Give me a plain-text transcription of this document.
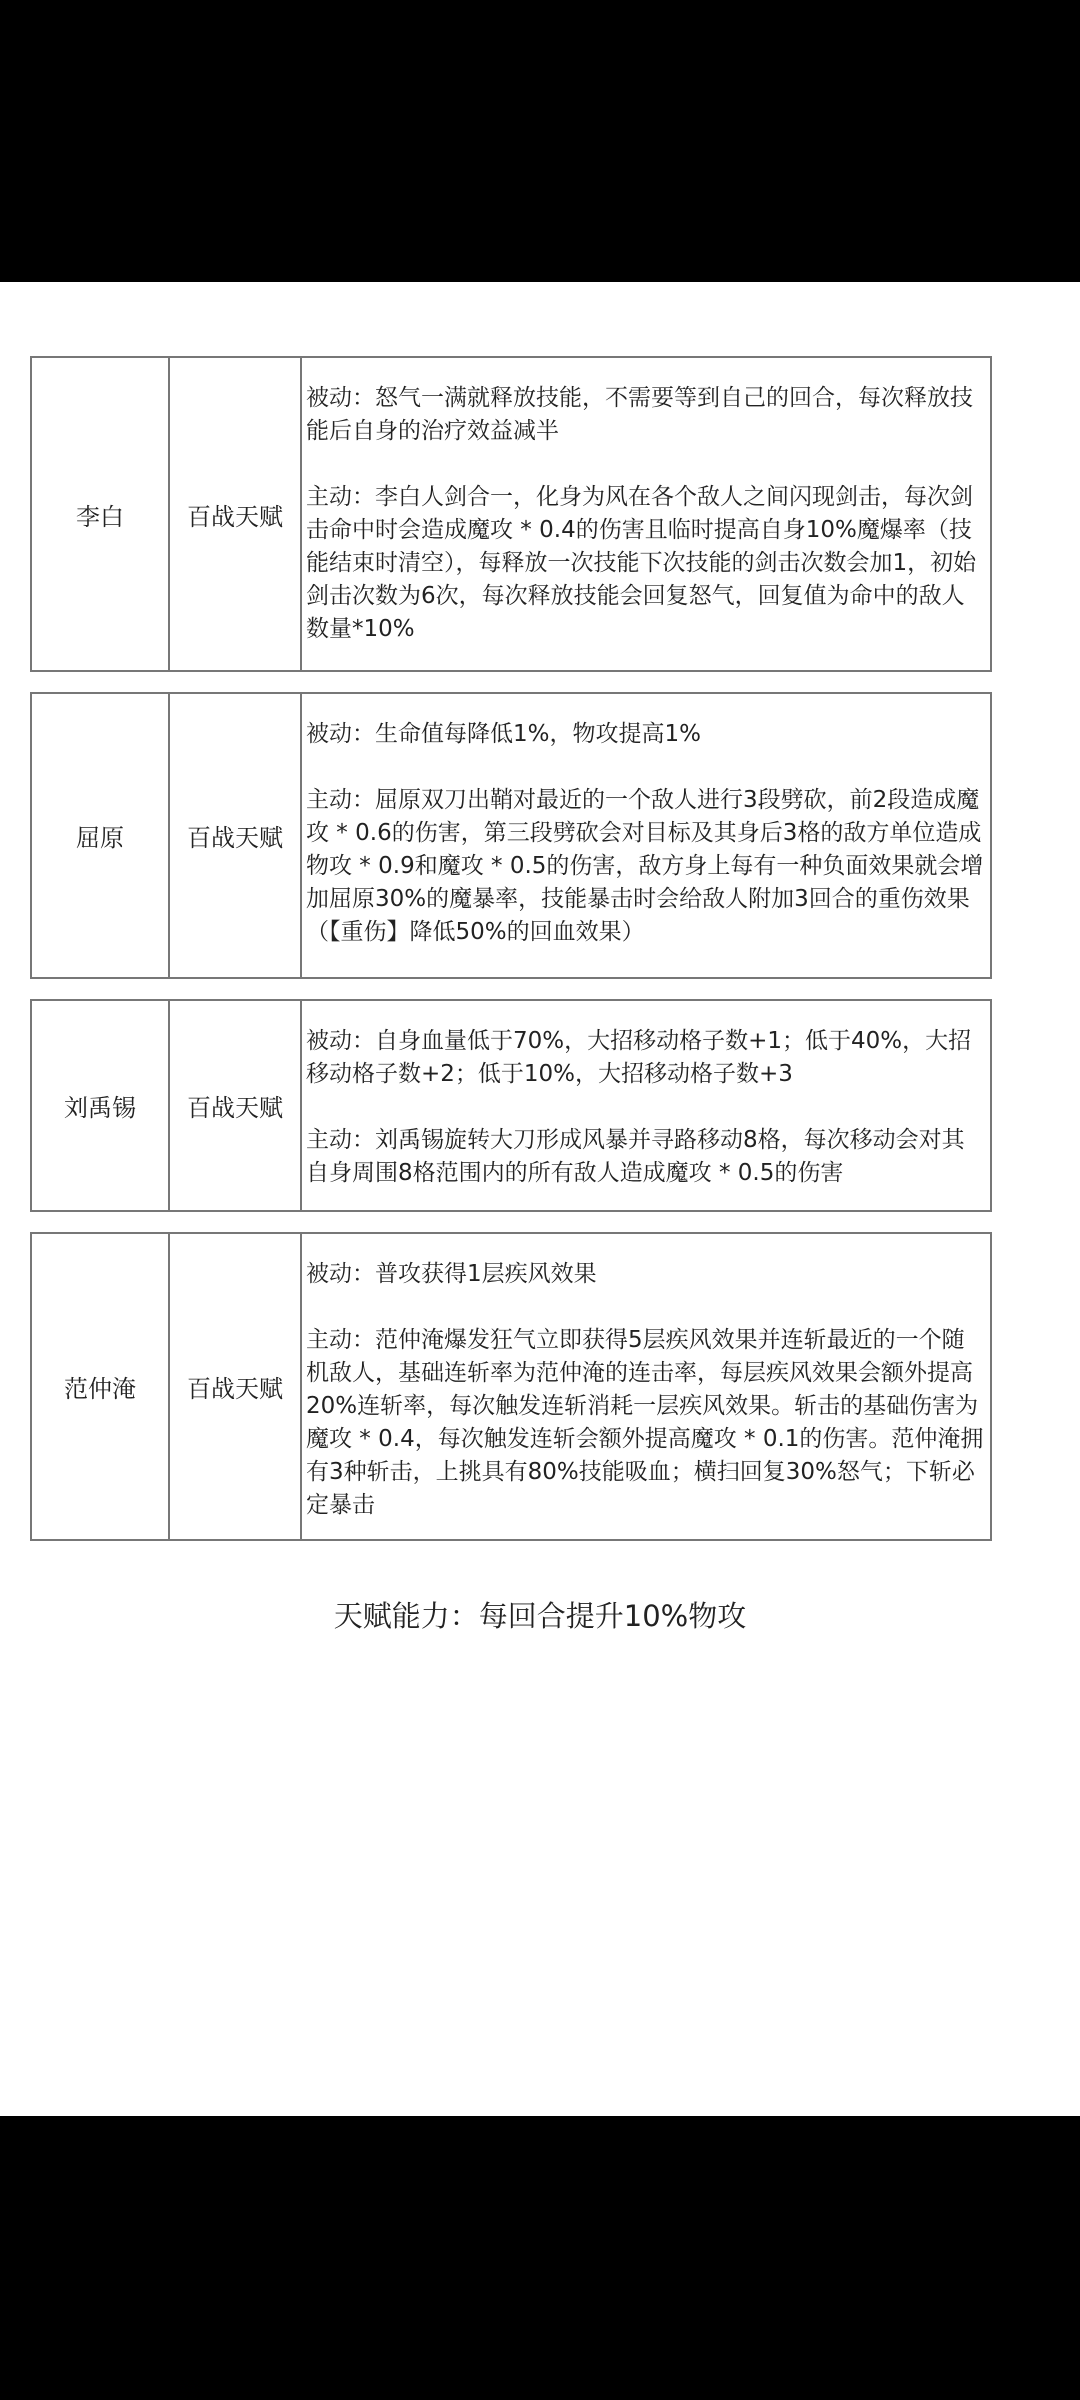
李白	百战天赋

被动：怒气一满就释放技能，不需要等到自己的回合，每次释放技能后自身的治疗效益减半

主动：李白人剑合一，化身为风在各个敌人之间闪现剑击，每次剑击命中时会造成魔攻 * 0.4的伤害且临时提高自身10%魔爆率（技能结束时清空），每释放一次技能下次技能的剑击次数会加1，初始剑击次数为6次，每次释放技能会回复怒气，回复值为命中的敌人数量*10%

屈原	百战天赋

被动：生命值每降低1%，物攻提高1%

主动：屈原双刀出鞘对最近的一个敌人进行3段劈砍，前2段造成魔攻 * 0.6的伤害，第三段劈砍会对目标及其身后3格的敌方单位造成物攻 * 0.9和魔攻 * 0.5的伤害，敌方身上每有一种负面效果就会增加屈原30%的魔暴率，技能暴击时会给敌人附加3回合的重伤效果（【重伤】降低50%的回血效果）

刘禹锡	百战天赋

被动：自身血量低于70%，大招移动格子数+1；低于40%，大招移动格子数+2；低于10%，大招移动格子数+3

主动：刘禹锡旋转大刀形成风暴并寻路移动8格，每次移动会对其自身周围8格范围内的所有敌人造成魔攻 * 0.5的伤害

范仲淹	百战天赋

被动：普攻获得1层疾风效果

主动：范仲淹爆发狂气立即获得5层疾风效果并连斩最近的一个随机敌人，基础连斩率为范仲淹的连击率，每层疾风效果会额外提高20%连斩率，每次触发连斩消耗一层疾风效果。斩击的基础伤害为魔攻 * 0.4，每次触发连斩会额外提高魔攻 * 0.1的伤害。范仲淹拥有3种斩击，上挑具有80%技能吸血；横扫回复30%怒气；下斩必定暴击

天赋能力：每回合提升10%物攻
